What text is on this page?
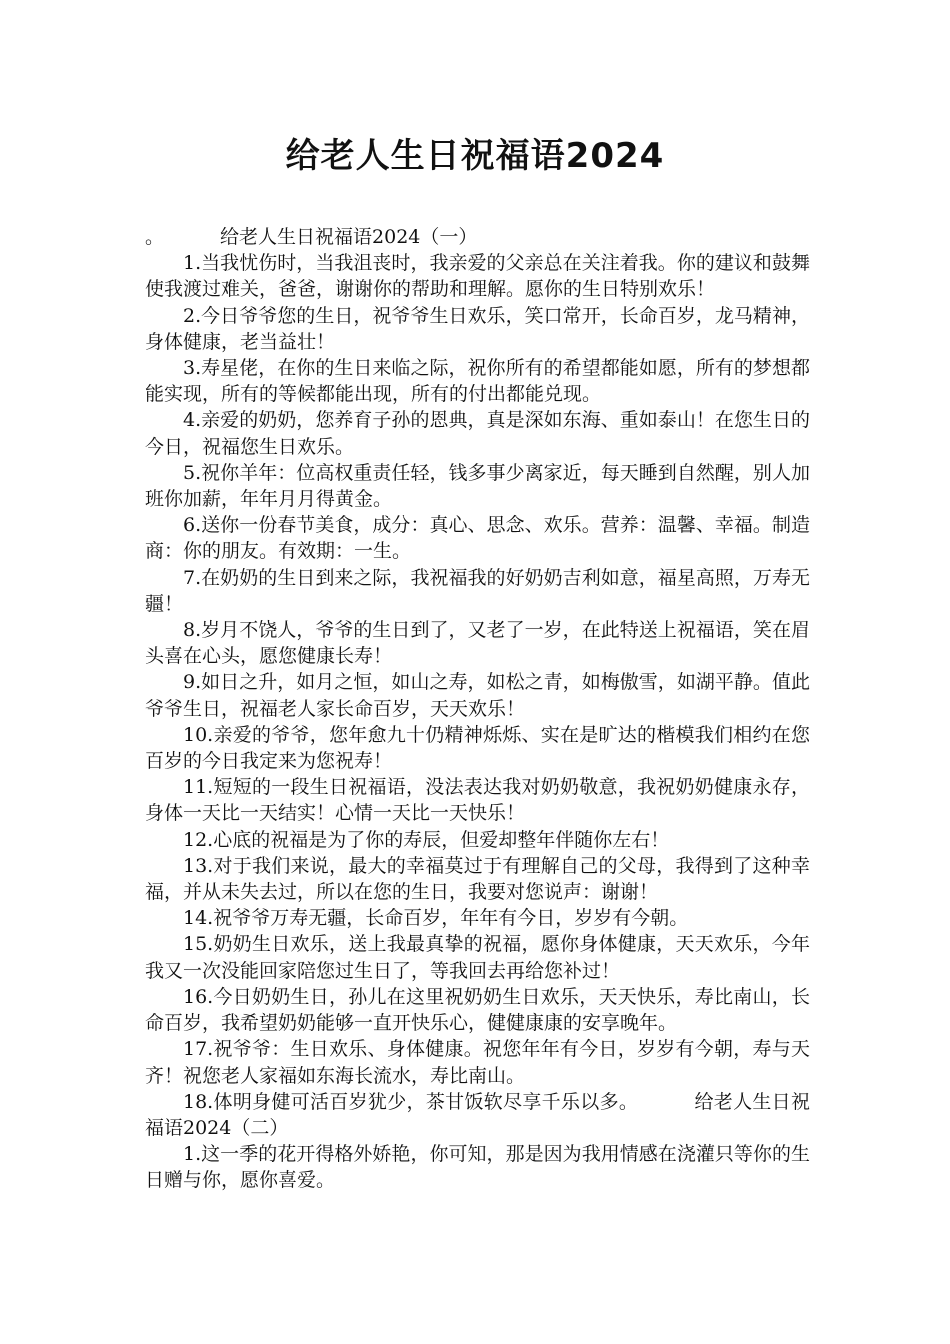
给老人生日祝福语2024

。	给老人生日祝福语2024（一）

1.当我忧伤时，当我沮丧时，我亲爱的父亲总在关注着我。你的建议和鼓舞使我渡过难关，爸爸，谢谢你的帮助和理解。愿你的生日特别欢乐！

2.今日爷爷您的生日，祝爷爷生日欢乐，笑口常开，长命百岁，龙马精神，身体健康，老当益壮！

3.寿星佬，在你的生日来临之际，祝你所有的希望都能如愿，所有的梦想都能实现，所有的等候都能出现，所有的付出都能兑现。

4.亲爱的奶奶，您养育子孙的恩典，真是深如东海、重如泰山！在您生日的今日，祝福您生日欢乐。

5.祝你羊年：位高权重责任轻，钱多事少离家近，每天睡到自然醒，别人加班你加薪，年年月月得黄金。

6.送你一份春节美食，成分：真心、思念、欢乐。营养：温馨、幸福。制造商：你的朋友。有效期：一生。

7.在奶奶的生日到来之际，我祝福我的好奶奶吉利如意，福星高照，万寿无疆！

8.岁月不饶人，爷爷的生日到了，又老了一岁，在此特送上祝福语，笑在眉头喜在心头，愿您健康长寿！

9.如日之升，如月之恒，如山之寿，如松之青，如梅傲雪，如湖平静。值此爷爷生日，祝福老人家长命百岁，天天欢乐！

10.亲爱的爷爷，您年愈九十仍精神烁烁、实在是旷达的楷模我们相约在您百岁的今日我定来为您祝寿！

11.短短的一段生日祝福语，没法表达我对奶奶敬意，我祝奶奶健康永存，身体一天比一天结实！心情一天比一天快乐！

12.心底的祝福是为了你的寿辰，但爱却整年伴随你左右！

13.对于我们来说，最大的幸福莫过于有理解自己的父母，我得到了这种幸福，并从未失去过，所以在您的生日，我要对您说声：谢谢！

14.祝爷爷万寿无疆，长命百岁，年年有今日，岁岁有今朝。

15.奶奶生日欢乐，送上我最真挚的祝福，愿你身体健康，天天欢乐，今年我又一次没能回家陪您过生日了，等我回去再给您补过！

16.今日奶奶生日，孙儿在这里祝奶奶生日欢乐，天天快乐，寿比南山，长命百岁，我希望奶奶能够一直开快乐心，健健康康的安享晚年。

17.祝爷爷：生日欢乐、身体健康。祝您年年有今日，岁岁有今朝，寿与天齐！祝您老人家福如东海长流水，寿比南山。

18.体明身健可活百岁犹少，茶甘饭软尽享千乐以多。	给老人生日祝福语2024（二）

1.这一季的花开得格外娇艳，你可知，那是因为我用情感在浇灌只等你的生日赠与你，愿你喜爱。
